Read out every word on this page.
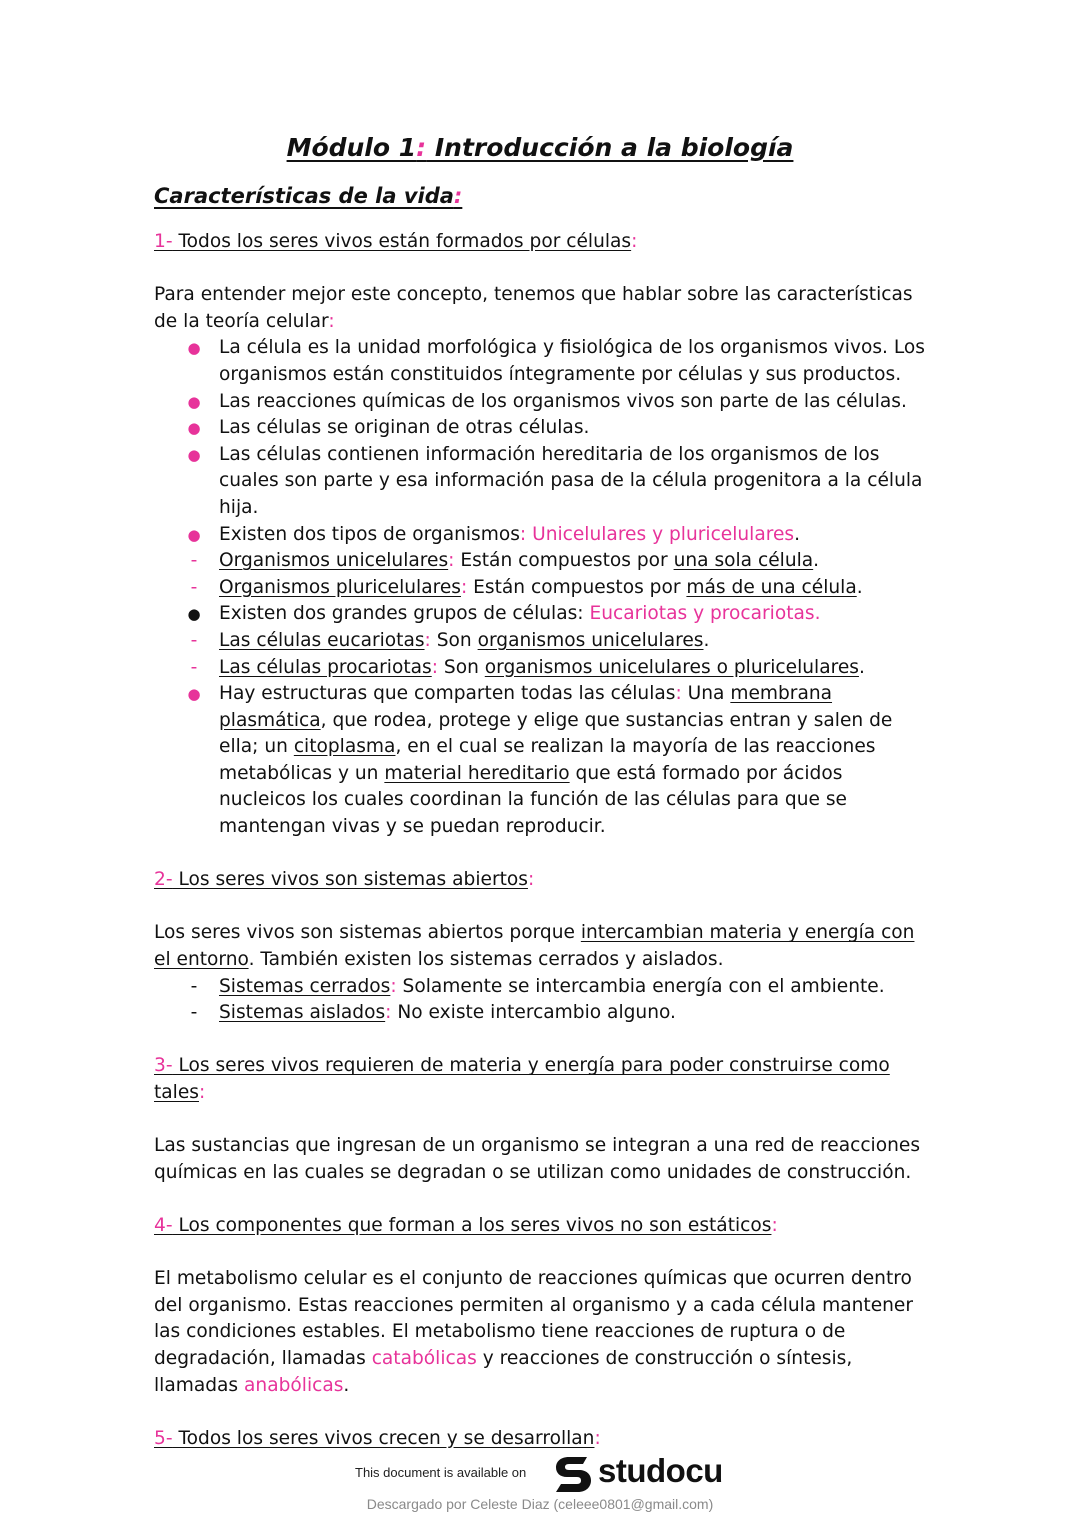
Módulo 1: Introducción a la biología
Características de la vida:

1- Todos los seres vivos están formados por células:

Para entender mejor este concepto, tenemos que hablar sobre las características de la teoría celular:

●
La célula es la unidad morfológica y fisiológica de los organismos vivos. Los organismos están constituidos íntegramente por células y sus productos.
●
Las reacciones químicas de los organismos vivos son parte de las células.
●
Las células se originan de otras células.
●
Las células contienen información hereditaria de los organismos de los cuales son parte y esa información pasa de la célula progenitora a la célula hija.
●
Existen dos tipos de organismos: Unicelulares y pluricelulares.
-
Organismos unicelulares: Están compuestos por una sola célula.
-
Organismos pluricelulares: Están compuestos por más de una célula.
●
Existen dos grandes grupos de células: Eucariotas y procariotas.
-
Las células eucariotas: Son organismos unicelulares.
-
Las células procariotas: Son organismos unicelulares o pluricelulares.
●
Hay estructuras que comparten todas las células: Una membrana plasmática, que rodea, protege y elige que sustancias entran y salen de ella; un citoplasma, en el cual se realizan la mayoría de las reacciones metabólicas y un material hereditario que está formado por ácidos nucleicos los cuales coordinan la función de las células para que se mantengan vivas y se puedan reproducir.

2- Los seres vivos son sistemas abiertos:

Los seres vivos son sistemas abiertos porque intercambian materia y energía con el entorno. También existen los sistemas cerrados y aislados.

-
Sistemas cerrados: Solamente se intercambia energía con el ambiente.
-
Sistemas aislados: No existe intercambio alguno.

3- Los seres vivos requieren de materia y energía para poder construirse como tales:

Las sustancias que ingresan de un organismo se integran a una red de reacciones químicas en las cuales se degradan o se utilizan como unidades de construcción.

4- Los componentes que forman a los seres vivos no son estáticos:

El metabolismo celular es el conjunto de reacciones químicas que ocurren dentro del organismo. Estas reacciones permiten al organismo y a cada célula mantener las condiciones estables. El metabolismo tiene reacciones de ruptura o de degradación, llamadas catabólicas y reacciones de construcción o síntesis, llamadas anabólicas.

5- Todos los seres vivos crecen y se desarrollan:

This document is available on studocu
Descargado por Celeste Diaz (celeee0801@gmail.com)
